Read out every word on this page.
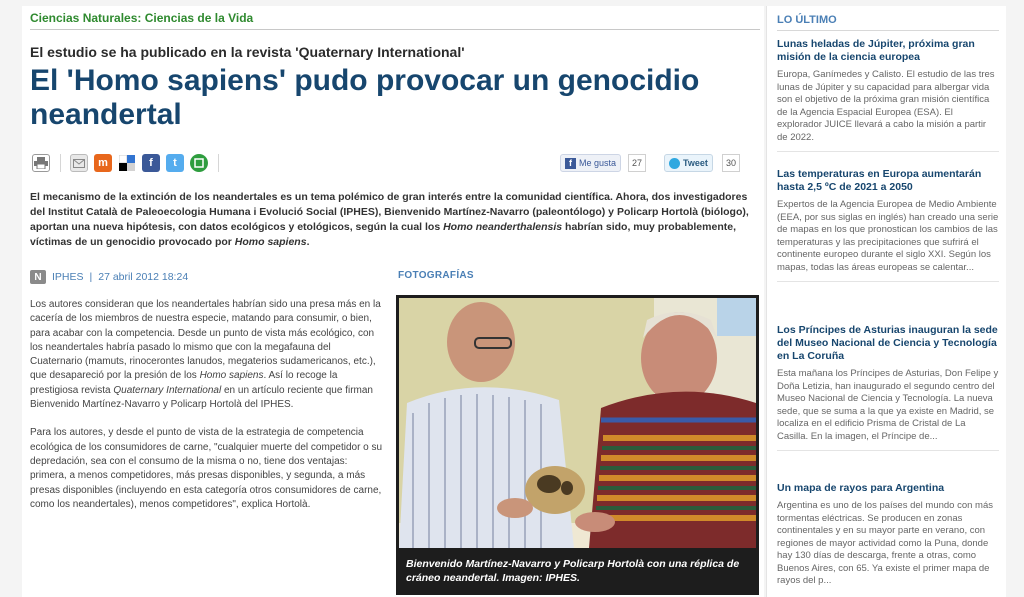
Ciencias Naturales: Ciencias de la Vida
El estudio se ha publicado en la revista 'Quaternary International'
El 'Homo sapiens' pudo provocar un genocidio neandertal
m	f	t	f Me gusta	27	Tweet	30

El mecanismo de la extinción de los neandertales es un tema polémico de gran interés entre la comunidad científica. Ahora, dos investigadores del Institut Català de Paleoecologia Humana i Evolució Social (IPHES), Bienvenido Martínez-Navarro (paleontólogo) y Policarp Hortolà (biólogo), aportan una nueva hipótesis, con datos ecológicos y etológicos, según la cual los Homo neanderthalensis habrían sido, muy probablemente, víctimas de un genocidio provocado por Homo sapiens.

N IPHES | 27 abril 2012 18:24

Los autores consideran que los neandertales habrían sido una presa más en la cacería de los miembros de nuestra especie, matando para consumir, o bien, para acabar con la competencia. Desde un punto de vista más ecológico, con los neandertales habría pasado lo mismo que con la megafauna del Cuaternario (mamuts, rinocerontes lanudos, megaterios sudamericanos, etc.), que desapareció por la presión de los Homo sapiens. Así lo recoge la prestigiosa revista Quaternary International en un artículo reciente que firman Bienvenido Martínez-Navarro y Policarp Hortolà del IPHES.

Para los autores, y desde el punto de vista de la estrategia de competencia ecológica de los consumidores de carne, "cualquier muerte del competidor o su depredación, sea con el consumo de la misma o no, tiene dos ventajas: primera, a menos competidores, más presas disponibles, y segunda, a más presas disponibles (incluyendo en esta categoría otros consumidores de carne, como los neandertales), menos competidores", explica Hortolà.

FOTOGRAFÍAS
Bienvenido Martínez-Navarro y Policarp Hortolà con una réplica de cráneo neandertal. Imagen: IPHES.
LO ÚLTIMO
Lunas heladas de Júpiter, próxima gran misión de la ciencia europea

Europa, Ganímedes y Calisto. El estudio de las tres lunas de Júpiter y su capacidad para albergar vida son el objetivo de la próxima gran misión científica de la Agencia Espacial Europea (ESA). El explorador JUICE llevará a cabo la misión a partir de 2022.

Las temperaturas en Europa aumentarán hasta 2,5 ºC de 2021 a 2050

Expertos de la Agencia Europea de Medio Ambiente (EEA, por sus siglas en inglés) han creado una serie de mapas en los que pronostican los cambios de las temperaturas y las precipitaciones que sufrirá el continente europeo durante el siglo XXI. Según los mapas, todas las áreas europeas se calentar...

Los Príncipes de Asturias inauguran la sede del Museo Nacional de Ciencia y Tecnología en La Coruña

Esta mañana los Príncipes de Asturias, Don Felipe y Doña Letizia, han inaugurado el segundo centro del Museo Nacional de Ciencia y Tecnología. La nueva sede, que se suma a la que ya existe en Madrid, se localiza en el edificio Prisma de Cristal de La Casilla. En la imagen, el Príncipe de...

Un mapa de rayos para Argentina

Argentina es uno de los países del mundo con más tormentas eléctricas. Se producen en zonas continentales y en su mayor parte en verano, con regiones de mayor actividad como la Puna, donde hay 130 días de descarga, frente a otras, como Buenos Aires, con 65. Ya existe el primer mapa de rayos del p...
